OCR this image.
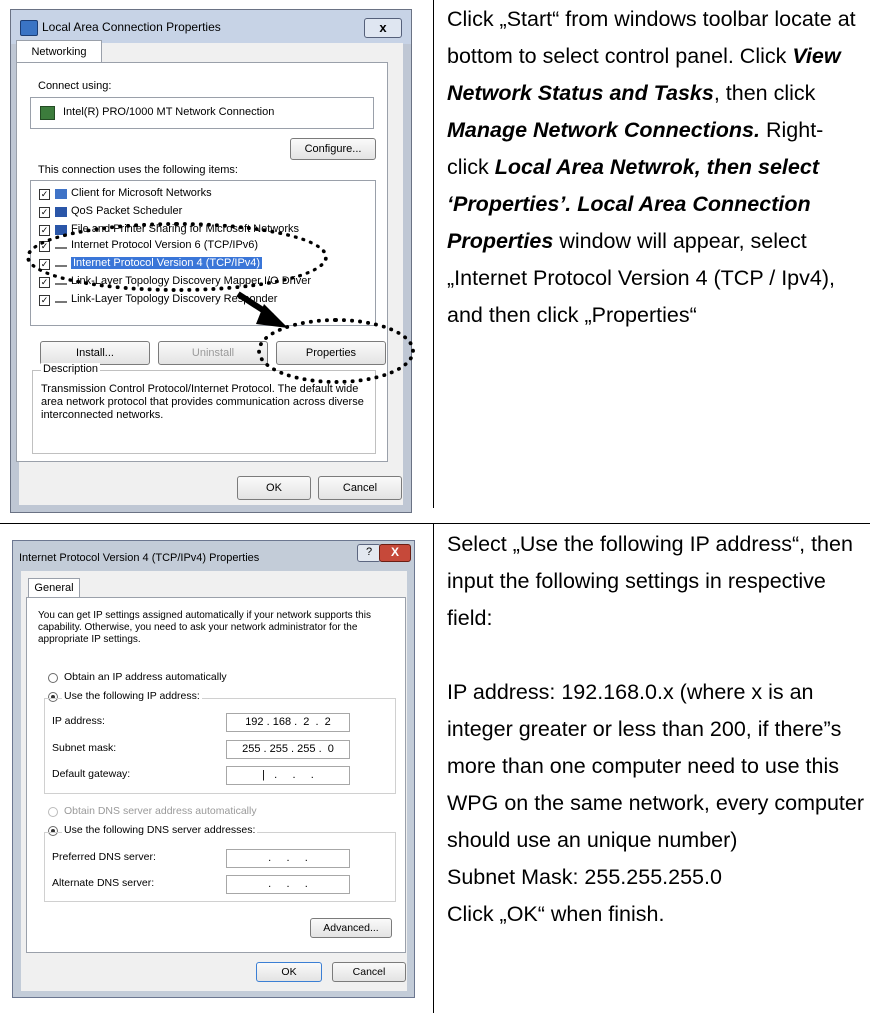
Local Area Connection Properties	x
Networking
Connect using:
Intel(R) PRO/1000 MT Network Connection
Configure...
This connection uses the following items:
✓ Client for Microsoft Networks
✓ QoS Packet Scheduler
✓ File and Printer Sharing for Microsoft Networks
✓ Internet Protocol Version 6 (TCP/IPv6)
✓ Internet Protocol Version 4 (TCP/IPv4)
✓ Link-Layer Topology Discovery Mapper I/O Driver
✓ Link-Layer Topology Discovery Responder
Install...	Uninstall	Properties
Description
Transmission Control Protocol/Internet Protocol. The default wide area network protocol that provides communication across diverse interconnected networks.
OK	Cancel
Click „Start“ from windows toolbar locate at bottom to select control panel. Click View Network Status and Tasks, then click Manage Network Connections. Right-click Local Area Netwrok, then select ‘Properties’. Local Area Connection Properties window will appear, select „Internet Protocol Version 4 (TCP / Ipv4), and then click „Properties“
Internet Protocol Version 4 (TCP/IPv4) Properties	?	X
General
You can get IP settings assigned automatically if your network supports this capability. Otherwise, you need to ask your network administrator for the appropriate IP settings.
Obtain an IP address automatically
Use the following IP address:
IP address:	192 . 168 .  2  .  2
Subnet mask:	255 . 255 . 255 .  0
Default gateway:	|   .     .     .
Obtain DNS server address automatically
Use the following DNS server addresses:
Preferred DNS server:	.     .     .
Alternate DNS server:	.     .     .
Advanced...
OK	Cancel

Select „Use the following IP address“, then input the following settings in respective field:

IP address: 192.168.0.x (where x is an integer greater or less than 200, if there”s more than one computer need to use this WPG on the same network, every computer should use an unique number)

Subnet Mask: 255.255.255.0

Click „OK“ when finish.
